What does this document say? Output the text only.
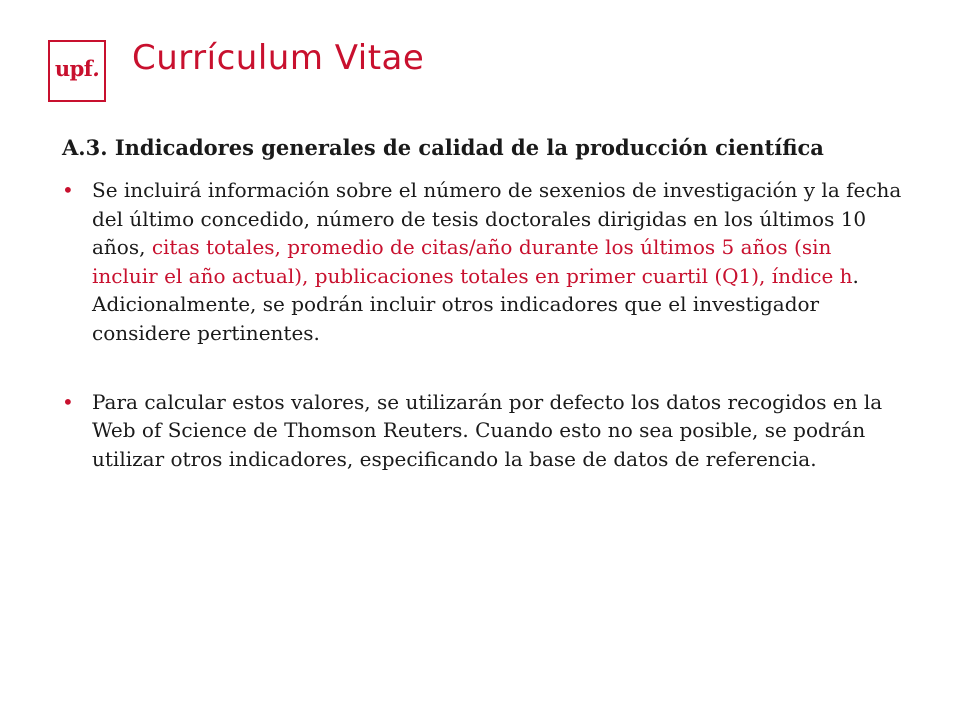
upf. Currículum Vitae
A.3. Indicadores generales de calidad de la producción científica
• Se incluirá información sobre el número de sexenios de investigación y la fecha del último concedido, número de tesis doctorales dirigidas en los últimos 10 años, citas totales, promedio de citas/año durante los últimos 5 años (sin incluir el año actual), publicaciones totales en primer cuartil (Q1), índice h. Adicionalmente, se podrán incluir otros indicadores que el investigador considere pertinentes.
• Para calcular estos valores, se utilizarán por defecto los datos recogidos en la Web of Science de Thomson Reuters. Cuando esto no sea posible, se podrán utilizar otros indicadores, especificando la base de datos de referencia.
